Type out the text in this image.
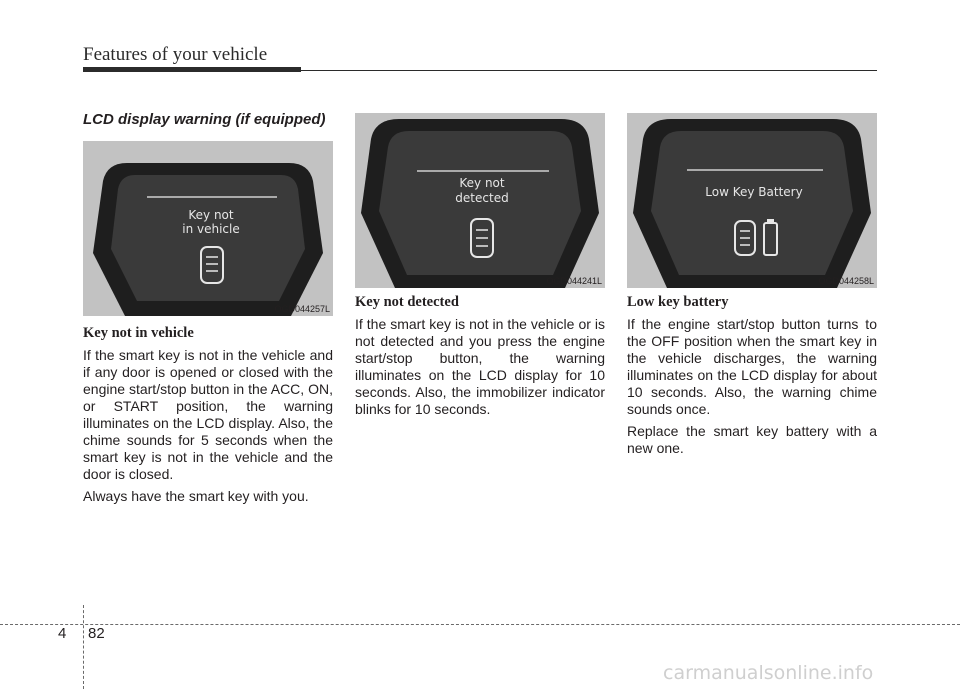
Features of your vehicle
LCD display warning (if equipped)
Key not
in vehicle
OGD044257L
Key not
detected
OGD044241L
Low Key Battery
OGD044258L
Key not in vehicle

If the smart key is not in the vehicle and if any door is opened or closed with the engine start/stop button in the ACC, ON, or START position, the warning illuminates on the LCD display. Also, the chime sounds for 5 seconds when the smart key is not in the vehicle and the door is closed.

Always have the smart key with you.

Key not detected

If the smart key is not in the vehicle or is not detected and you press the engine start/stop button, the warning illuminates on the LCD display for 10 seconds. Also, the immobilizer indicator blinks for 10 seconds.

Low key battery

If the engine start/stop button turns to the OFF position when the smart key in the vehicle discharges, the warning illuminates on the LCD display for about 10 seconds. Also, the warning chime sounds once.

Replace the smart key battery with a new one.

4 82
carmanualsonline.info
